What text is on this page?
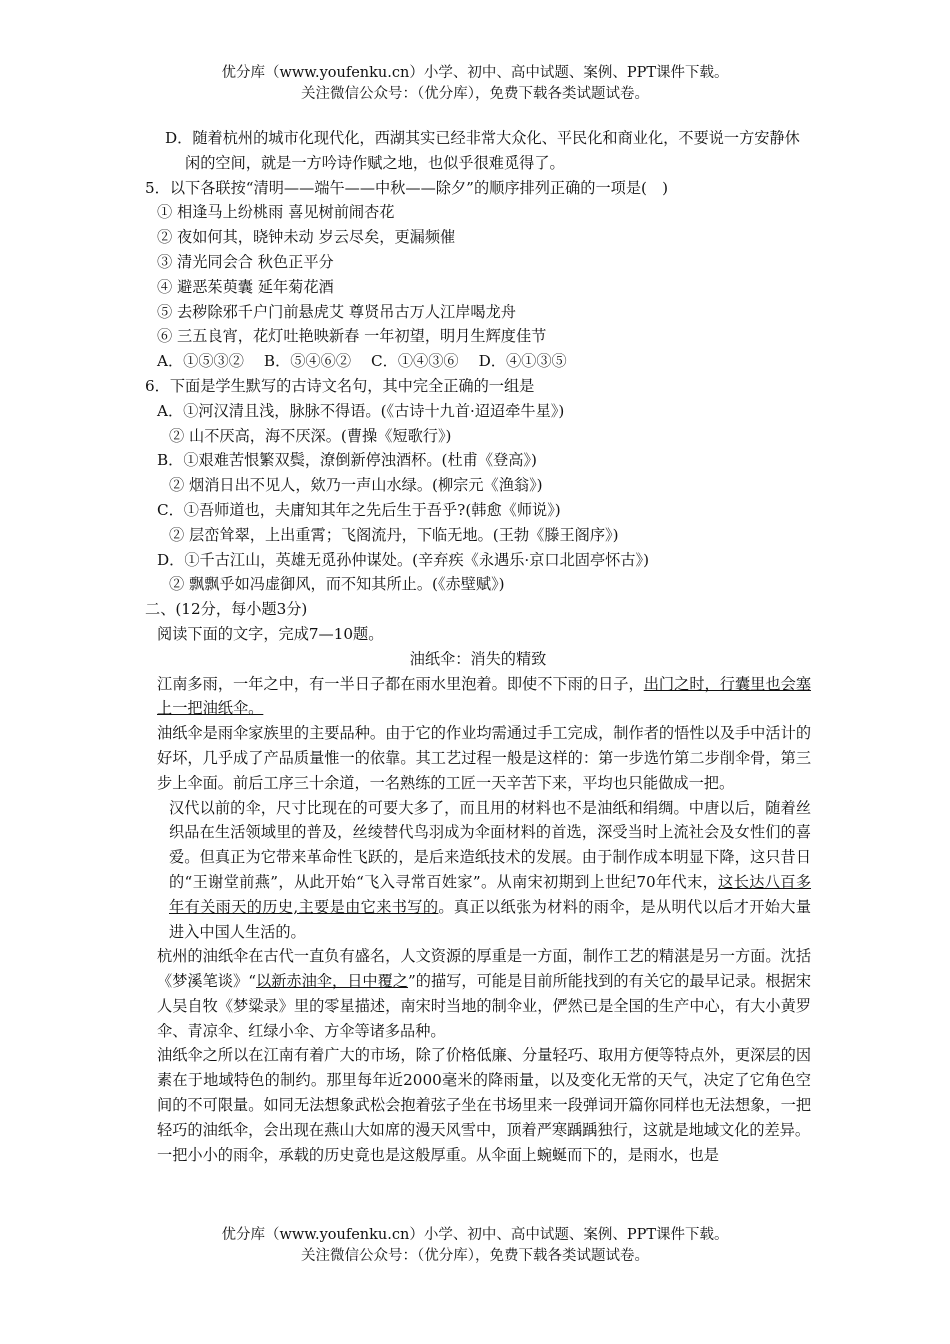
优分库（www.youfenku.cn）小学、初中、高中试题、案例、PPT课件下载。
关注微信公众号：（优分库），免费下载各类试题试卷。
D．随着杭州的城市化现代化，西湖其实已经非常大众化、平民化和商业化，不要说一方安静休闲的空间，就是一方吟诗作赋之地，也似乎很难觅得了。
5．以下各联按“清明——端午——中秋——除夕”的顺序排列正确的一项是(　)
① 相逢马上纷桃雨 喜见树前闹杏花
② 夜如何其，晓钟未动 岁云尽矣，更漏频催
③ 清光同会合 秋色正平分
④ 避恶茱萸囊 延年菊花酒
⑤ 去秽除邪千户门前悬虎艾 尊贤吊古万人江岸喝龙舟
⑥ 三五良宵，花灯吐艳映新春 一年初望，明月生辉度佳节
A．①⑤③②　 B．⑤④⑥②　 C．①④③⑥　 D．④①③⑤
6．下面是学生默写的古诗文名句，其中完全正确的一组是
A．①河汉清且浅，脉脉不得语。(《古诗十九首·迢迢牵牛星》)
② 山不厌高，海不厌深。(曹操《短歌行》)
B．①艰难苦恨繁双鬓，潦倒新停浊酒杯。(杜甫《登高》)
② 烟消日出不见人，欸乃一声山水绿。(柳宗元《渔翁》)
C．①吾师道也，夫庸知其年之先后生于吾乎?(韩愈《师说》)
② 层峦耸翠，上出重霄；飞阁流丹，下临无地。(王勃《滕王阁序》)
D．①千古江山，英雄无觅孙仲谋处。(辛弃疾《永遇乐·京口北固亭怀古》)
② 飘飘乎如冯虚御风，而不知其所止。(《赤壁赋》)
二、(12分，每小题3分)
阅读下面的文字，完成7—10题。
油纸伞：消失的精致
江南多雨，一年之中，有一半日子都在雨水里泡着。即使不下雨的日子，出门之时，行囊里也会塞上一把油纸伞。
油纸伞是雨伞家族里的主要品种。由于它的作业均需通过手工完成，制作者的悟性以及手中活计的好坏，几乎成了产品质量惟一的依靠。其工艺过程一般是这样的：第一步选竹第二步削伞骨，第三步上伞面。前后工序三十余道，一名熟练的工匠一天辛苦下来，平均也只能做成一把。
汉代以前的伞，尺寸比现在的可要大多了，而且用的材料也不是油纸和绢绸。中唐以后，随着丝织品在生活领域里的普及，丝绫替代鸟羽成为伞面材料的首选，深受当时上流社会及女性们的喜爱。但真正为它带来革命性飞跃的，是后来造纸技术的发展。由于制作成本明显下降，这只昔日的“王谢堂前燕”，从此开始“飞入寻常百姓家”。从南宋初期到上世纪70年代末，这长达八百多年有关雨天的历史,主要是由它来书写的。真正以纸张为材料的雨伞，是从明代以后才开始大量进入中国人生活的。
杭州的油纸伞在古代一直负有盛名，人文资源的厚重是一方面，制作工艺的精湛是另一方面。沈括《梦溪笔谈》“以新赤油伞，日中覆之”的描写，可能是目前所能找到的有关它的最早记录。根据宋人吴自牧《梦粱录》里的零星描述，南宋时当地的制伞业，俨然已是全国的生产中心，有大小黄罗伞、青凉伞、红绿小伞、方伞等诸多品种。
油纸伞之所以在江南有着广大的市场，除了价格低廉、分量轻巧、取用方便等特点外，更深层的因素在于地域特色的制约。那里每年近2000毫米的降雨量，以及变化无常的天气，决定了它角色空间的不可限量。如同无法想象武松会抱着弦子坐在书场里来一段弹词开篇你同样也无法想象，一把轻巧的油纸伞，会出现在燕山大如席的漫天风雪中，顶着严寒踽踽独行，这就是地域文化的差异。
一把小小的雨伞，承载的历史竟也是这般厚重。从伞面上蜿蜒而下的，是雨水，也是
优分库（www.youfenku.cn）小学、初中、高中试题、案例、PPT课件下载。
关注微信公众号：（优分库），免费下载各类试题试卷。
